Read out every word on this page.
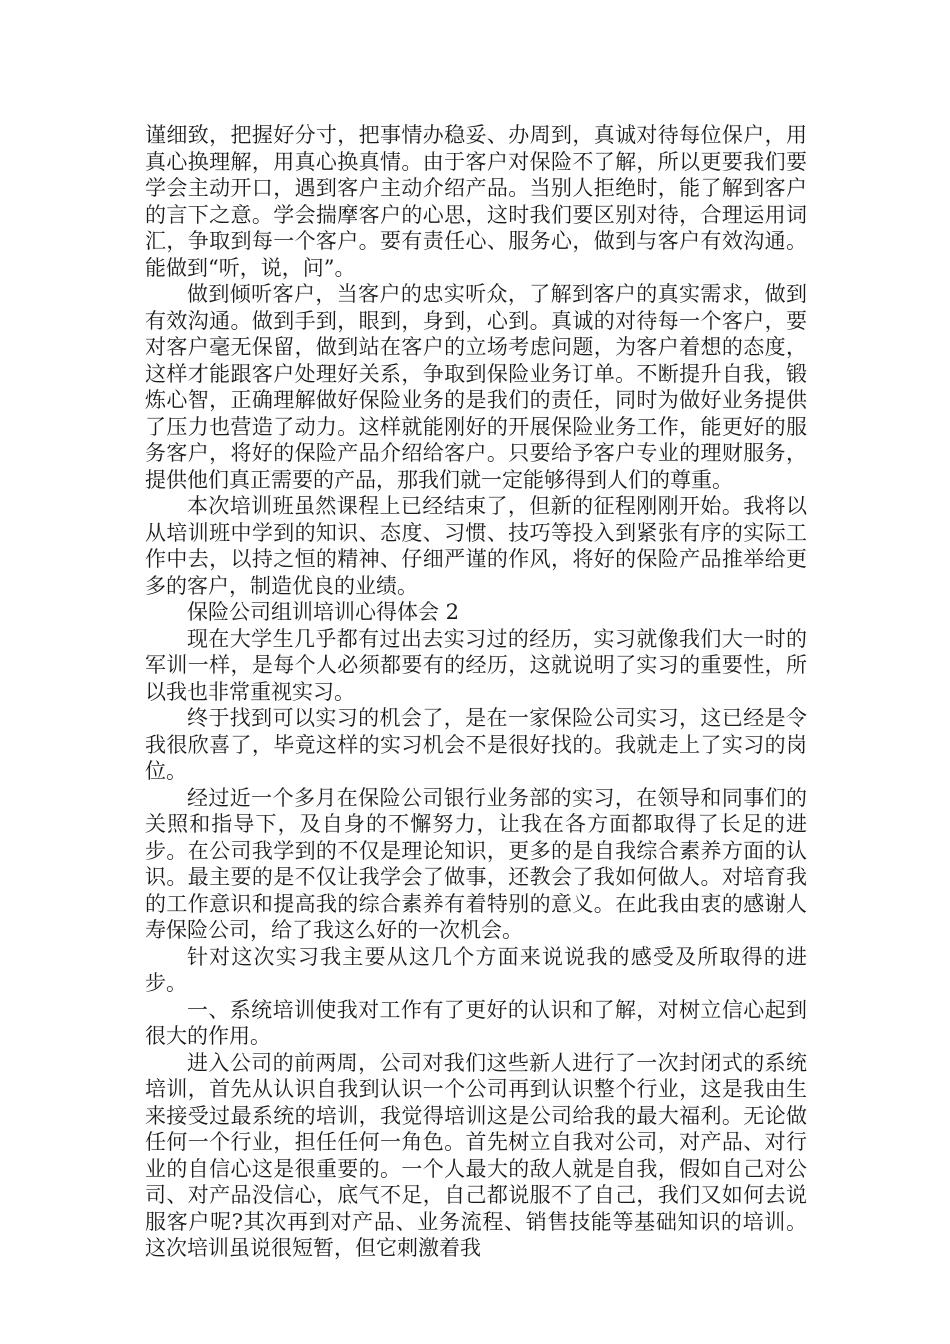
谨细致，把握好分寸，把事情办稳妥、办周到，真诚对待每位保户，用真心换理解，用真心换真情。由于客户对保险不了解，所以更要我们要学会主动开口，遇到客户主动介绍产品。当别人拒绝时，能了解到客户的言下之意。学会揣摩客户的心思，这时我们要区别对待，合理运用词汇，争取到每一个客户。要有责任心、服务心，做到与客户有效沟通。能做到“听，说，问”。

做到倾听客户，当客户的忠实听众，了解到客户的真实需求，做到有效沟通。做到手到，眼到，身到，心到。真诚的对待每一个客户，要对客户毫无保留，做到站在客户的立场考虑问题，为客户着想的态度，这样才能跟客户处理好关系，争取到保险业务订单。不断提升自我，锻炼心智，正确理解做好保险业务的是我们的责任，同时为做好业务提供了压力也营造了动力。这样就能刚好的开展保险业务工作，能更好的服务客户，将好的保险产品介绍给客户。只要给予客户专业的理财服务，提供他们真正需要的产品，那我们就一定能够得到人们的尊重。

本次培训班虽然课程上已经结束了，但新的征程刚刚开始。我将以从培训班中学到的知识、态度、习惯、技巧等投入到紧张有序的实际工作中去，以持之恒的精神、仔细严谨的作风，将好的保险产品推举给更多的客户，制造优良的业绩。

保险公司组训培训心得体会 2

现在大学生几乎都有过出去实习过的经历，实习就像我们大一时的军训一样，是每个人必须都要有的经历，这就说明了实习的重要性，所以我也非常重视实习。

终于找到可以实习的机会了，是在一家保险公司实习，这已经是令我很欣喜了，毕竟这样的实习机会不是很好找的。我就走上了实习的岗位。

经过近一个多月在保险公司银行业务部的实习，在领导和同事们的关照和指导下，及自身的不懈努力，让我在各方面都取得了长足的进步。在公司我学到的不仅是理论知识，更多的是自我综合素养方面的认识。最主要的是不仅让我学会了做事，还教会了我如何做人。对培育我的工作意识和提高我的综合素养有着特别的意义。在此我由衷的感谢人寿保险公司，给了我这么好的一次机会。

针对这次实习我主要从这几个方面来说说我的感受及所取得的进步。

一、系统培训使我对工作有了更好的认识和了解，对树立信心起到很大的作用。

进入公司的前两周，公司对我们这些新人进行了一次封闭式的系统培训，首先从认识自我到认识一个公司再到认识整个行业，这是我由生来接受过最系统的培训，我觉得培训这是公司给我的最大福利。无论做任何一个行业，担任任何一角色。首先树立自我对公司，对产品、对行业的自信心这是很重要的。一个人最大的敌人就是自我，假如自己对公司、对产品没信心，底气不足，自己都说服不了自己，我们又如何去说服客户呢?其次再到对产品、业务流程、销售技能等基础知识的培训。这次培训虽说很短暂，但它刺激着我
